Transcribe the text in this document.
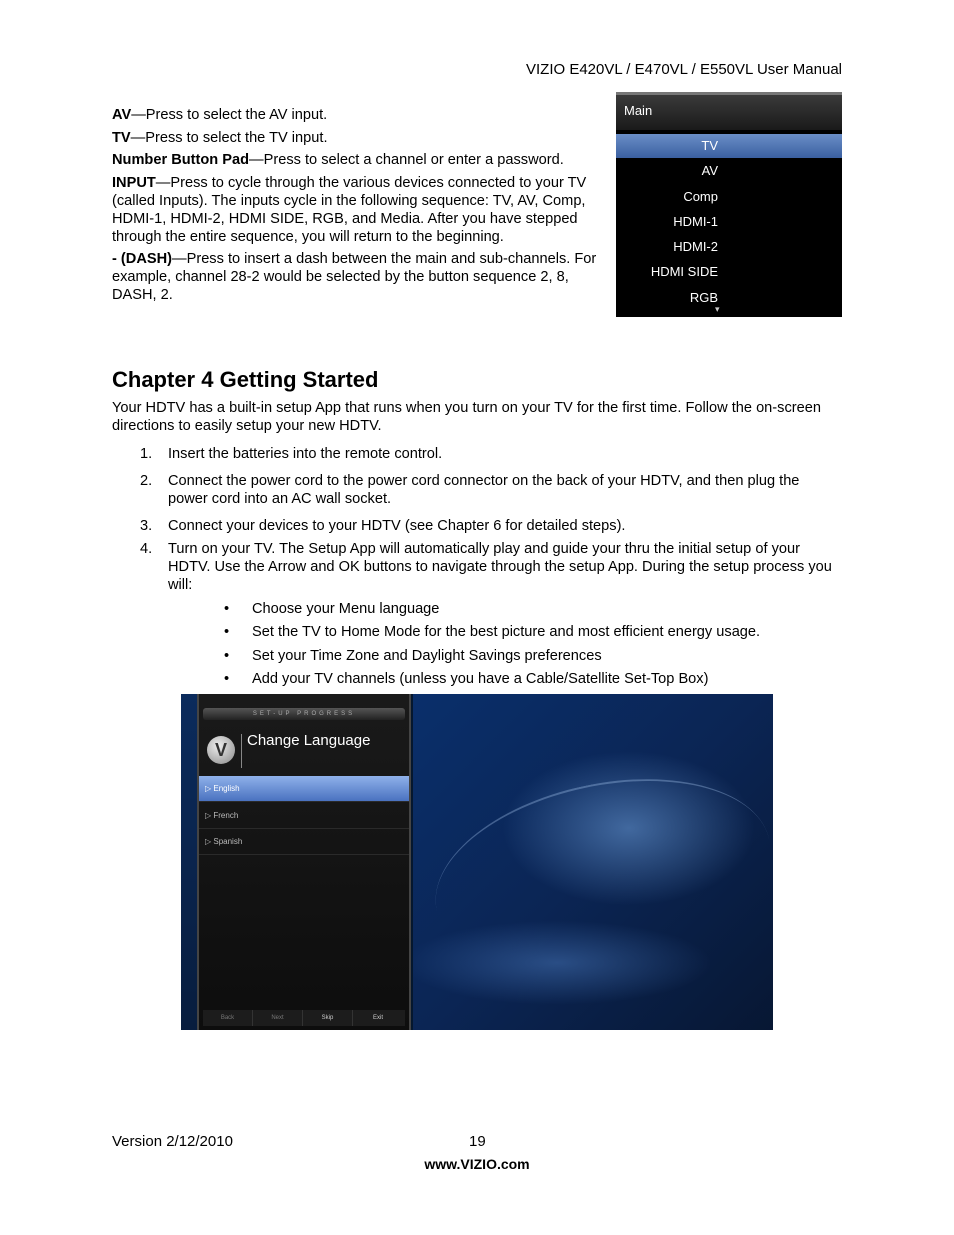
VIZIO E420VL / E470VL / E550VL User Manual
AV—Press to select the AV input.
TV—Press to select the TV input.
Number Button Pad—Press to select a channel or enter a password.
INPUT—Press to cycle through the various devices connected to your TV (called Inputs). The inputs cycle in the following sequence: TV, AV, Comp, HDMI-1, HDMI-2, HDMI SIDE, RGB, and Media. After you have stepped through the entire sequence, you will return to the beginning.
- (DASH)—Press to insert a dash between the main and sub-channels. For example, channel 28-2 would be selected by the button sequence 2, 8, DASH, 2.
Main
TV
AV
Comp
HDMI-1
HDMI-2
HDMI SIDE
RGB
▾
Chapter 4 Getting Started
Your HDTV has a built-in setup App that runs when you turn on your TV for the first time. Follow the on-screen directions to easily setup your new HDTV.
1.	Insert the batteries into the remote control.
2.	Connect the power cord to the power cord connector on the back of your HDTV, and then plug the power cord into an AC wall socket.
3.	Connect your devices to your HDTV (see Chapter 6 for detailed steps).
4.	Turn on your TV. The Setup App will automatically play and guide your thru the initial setup of your HDTV. Use the Arrow and OK buttons to navigate through the setup App. During the setup process you will:
• Choose your Menu language
• Set the TV to Home Mode for the best picture and most efficient energy usage.
• Set your Time Zone and Daylight Savings preferences
• Add your TV channels (unless you have a Cable/Satellite Set-Top Box)
SET-UP PROGRESS
V	Change Language
▷ English
▷ French
▷ Spanish
Back	Next	Skip	Exit
Version 2/12/2010	19
www.VIZIO.com
